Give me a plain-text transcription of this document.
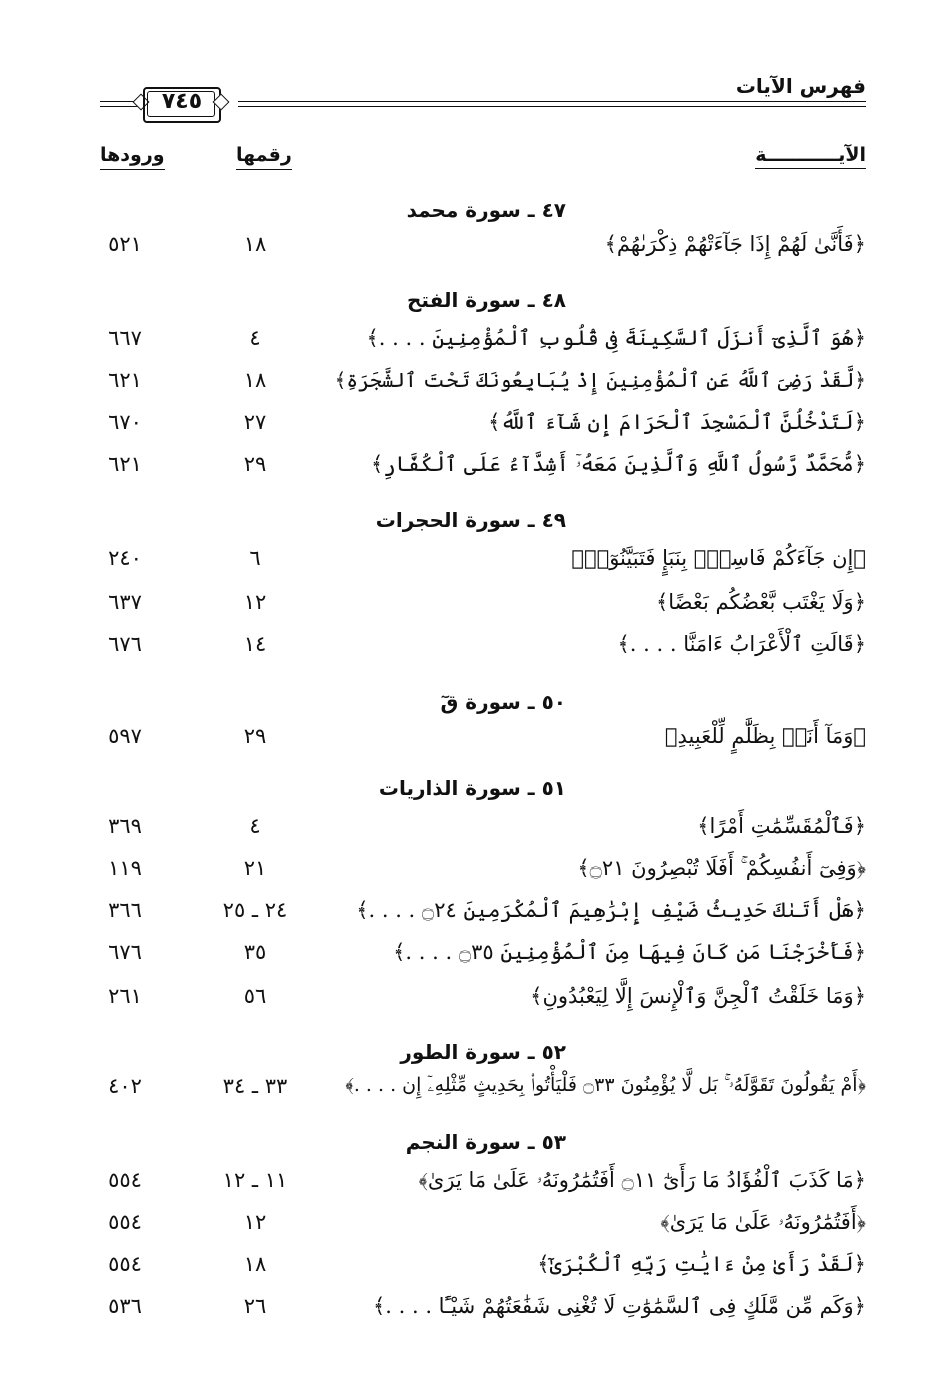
فهرس الآيات
٧٤٥
الآيـــــــــــة
رقمها
ورودها
٤٧ ـ سورة محمد
﴿فَأَنَّىٰ لَهُمْ إِذَا جَآءَتْهُمْ ذِكْرَىٰهُمْ﴾
١٨
٥٢١
٤٨ ـ سورة الفتح
﴿هُوَ ٱلَّذِىٓ أَنزَلَ ٱلسَّكِينَةَ فِى قُلُوبِ ٱلْمُؤْمِنِينَ . . . .﴾
٤
٦٦٧
﴿لَّقَدْ رَضِىَ ٱللَّهُ عَنِ ٱلْمُؤْمِنِينَ إِذْ يُبَايِعُونَكَ تَحْتَ ٱلشَّجَرَةِ﴾
١٨
٦٢١
﴿لَتَدْخُلُنَّ ٱلْمَسْجِدَ ٱلْحَرَامَ إِن شَآءَ ٱللَّهُ﴾
٢٧
٦٧٠
﴿مُّحَمَّدٌ رَّسُولُ ٱللَّهِ وَٱلَّذِينَ مَعَهُۥٓ أَشِدَّآءُ عَلَى ٱلْكُفَّارِ﴾
٢٩
٦٢١
٤٩ ـ سورة الحجرات
﴿إِن جَآءَكُمْ فَاسِقٌۢ بِنَبَإٍ فَتَبَيَّنُوٓا۟﴾
٦
٢٤٠
﴿وَلَا يَغْتَب بَّعْضُكُم بَعْضًا﴾
١٢
٦٣٧
﴿قَالَتِ ٱلْأَعْرَابُ ءَامَنَّا . . . .﴾
١٤
٦٧٦
٥٠ ـ سورة قٓ
﴿وَمَآ أَنَا۠ بِظَلَّٰمٍ لِّلْعَبِيدِ﴾
٢٩
٥٩٧
٥١ ـ سورة الذاريات
﴿فَٱلْمُقَسِّمَٰتِ أَمْرًا﴾
٤
٣٦٩
﴿وَفِىٓ أَنفُسِكُمْ ۚ أَفَلَا تُبْصِرُونَ ۝٢١﴾
٢١
١١٩
﴿هَلْ أَتَىٰكَ حَدِيثُ ضَيْفِ إِبْرَٰهِيمَ ٱلْمُكْرَمِينَ ۝٢٤ . . . .﴾
٢٤ ـ ٢٥
٣٦٦
﴿فَأَخْرَجْنَا مَن كَانَ فِيهَا مِنَ ٱلْمُؤْمِنِينَ ۝٣٥ . . . .﴾
٣٥
٦٧٦
﴿وَمَا خَلَقْتُ ٱلْجِنَّ وَٱلْإِنسَ إِلَّا لِيَعْبُدُونِ﴾
٥٦
٢٦١
٥٢ ـ سورة الطور
﴿أَمْ يَقُولُونَ تَقَوَّلَهُۥ ۚ بَل لَّا يُؤْمِنُونَ ۝٣٣ فَلْيَأْتُوا۟ بِحَدِيثٍ مِّثْلِهِۦٓ إِن . . . .﴾
٣٣ ـ ٣٤
٤٠٢
٥٣ ـ سورة النجم
﴿مَا كَذَبَ ٱلْفُؤَادُ مَا رَأَىٰٓ ۝١١ أَفَتُمَٰرُونَهُۥ عَلَىٰ مَا يَرَىٰ﴾
١١ ـ ١٢
٥٥٤
﴿أَفَتُمَٰرُونَهُۥ عَلَىٰ مَا يَرَىٰ﴾
١٢
٥٥٤
﴿لَقَدْ رَأَىٰ مِنْ ءَايَٰتِ رَبِّهِ ٱلْكُبْرَىٰٓ﴾
١٨
٥٥٤
﴿وَكَم مِّن مَّلَكٍ فِى ٱلسَّمَٰوَٰتِ لَا تُغْنِى شَفَٰعَتُهُمْ شَيْـًٔا . . . .﴾
٢٦
٥٣٦
